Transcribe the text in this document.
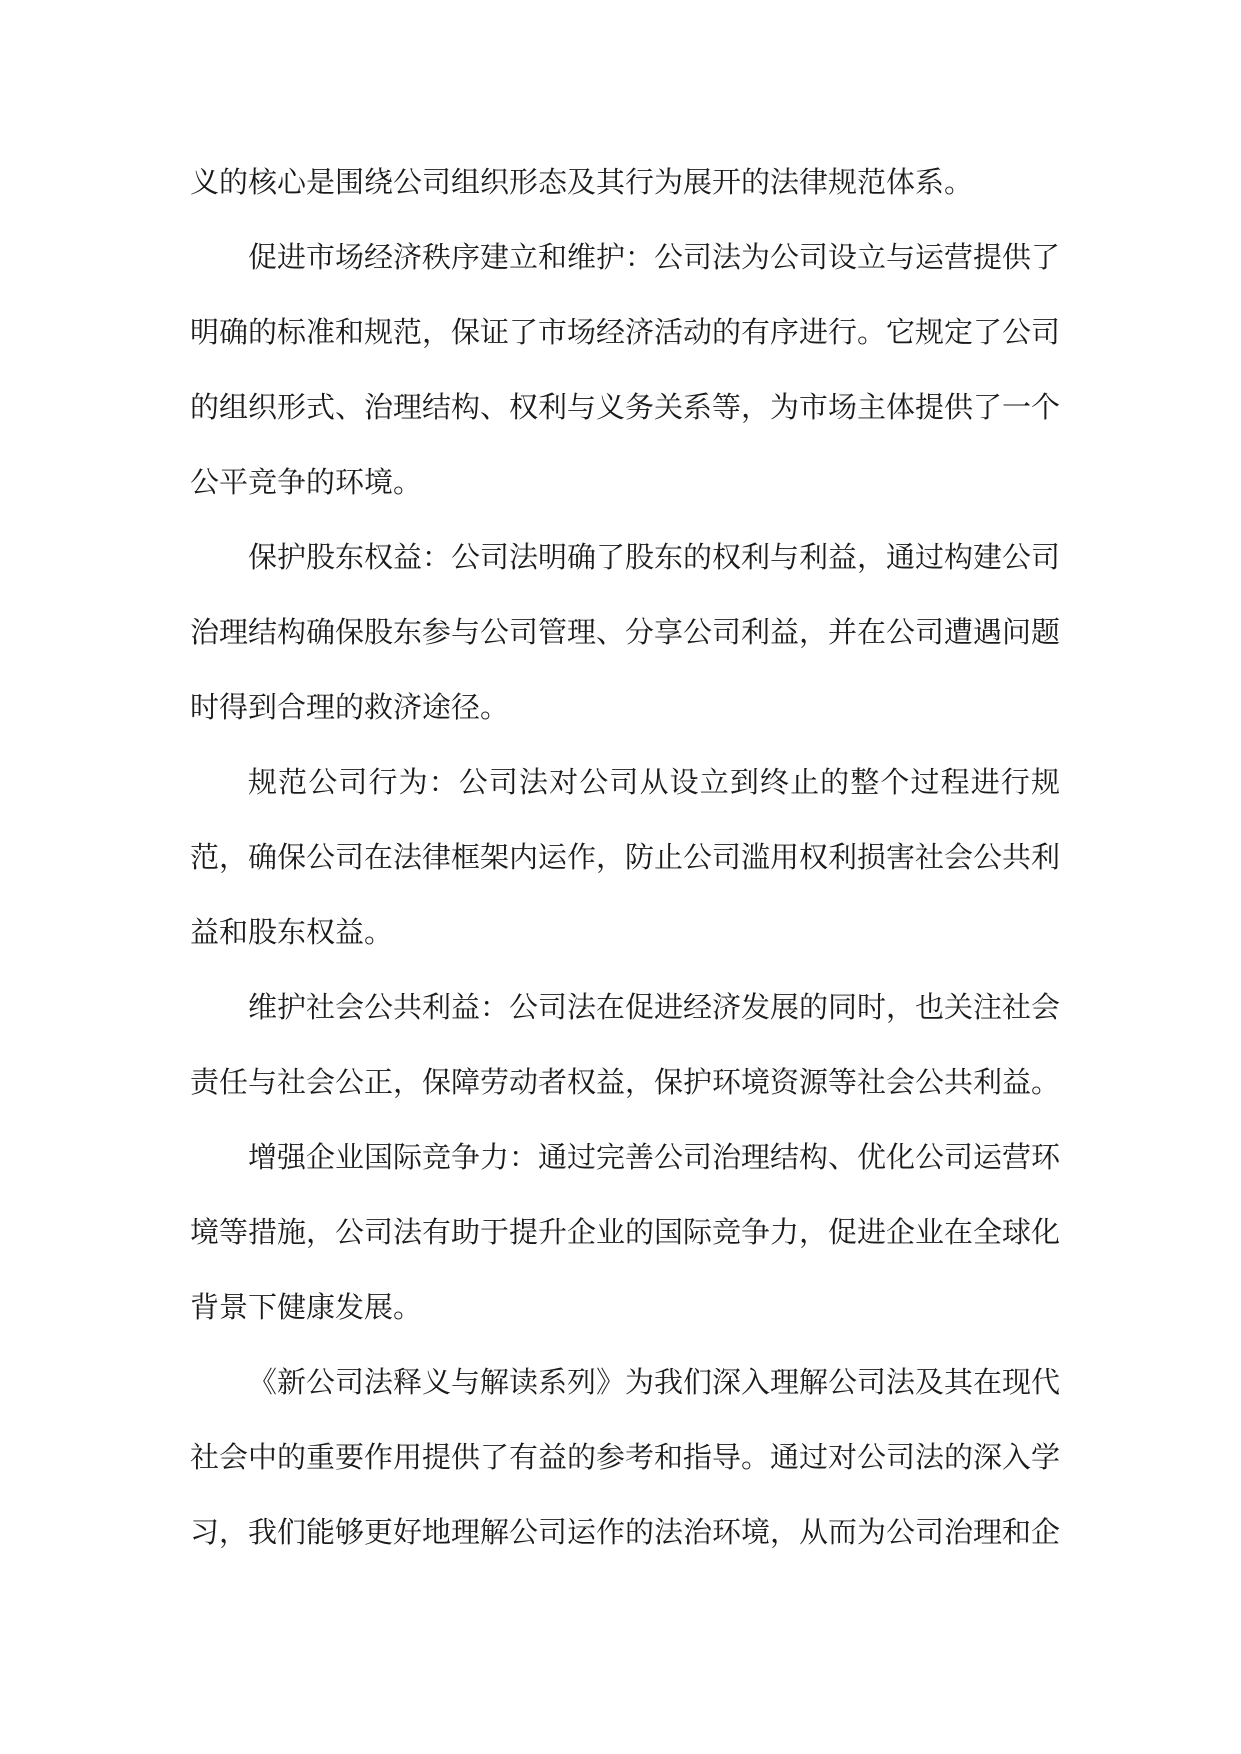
义的核心是围绕公司组织形态及其行为展开的法律规范体系。

促进市场经济秩序建立和维护：公司法为公司设立与运营提供了明确的标准和规范，保证了市场经济活动的有序进行。它规定了公司的组织形式、治理结构、权利与义务关系等，为市场主体提供了一个公平竞争的环境。

保护股东权益：公司法明确了股东的权利与利益，通过构建公司治理结构确保股东参与公司管理、分享公司利益，并在公司遭遇问题时得到合理的救济途径。

规范公司行为：公司法对公司从设立到终止的整个过程进行规范，确保公司在法律框架内运作，防止公司滥用权利损害社会公共利益和股东权益。

维护社会公共利益：公司法在促进经济发展的同时，也关注社会责任与社会公正，保障劳动者权益，保护环境资源等社会公共利益。

增强企业国际竞争力：通过完善公司治理结构、优化公司运营环境等措施，公司法有助于提升企业的国际竞争力，促进企业在全球化背景下健康发展。

《新公司法释义与解读系列》为我们深入理解公司法及其在现代社会中的重要作用提供了有益的参考和指导。通过对公司法的深入学习，我们能够更好地理解公司运作的法治环境，从而为公司治理和企
